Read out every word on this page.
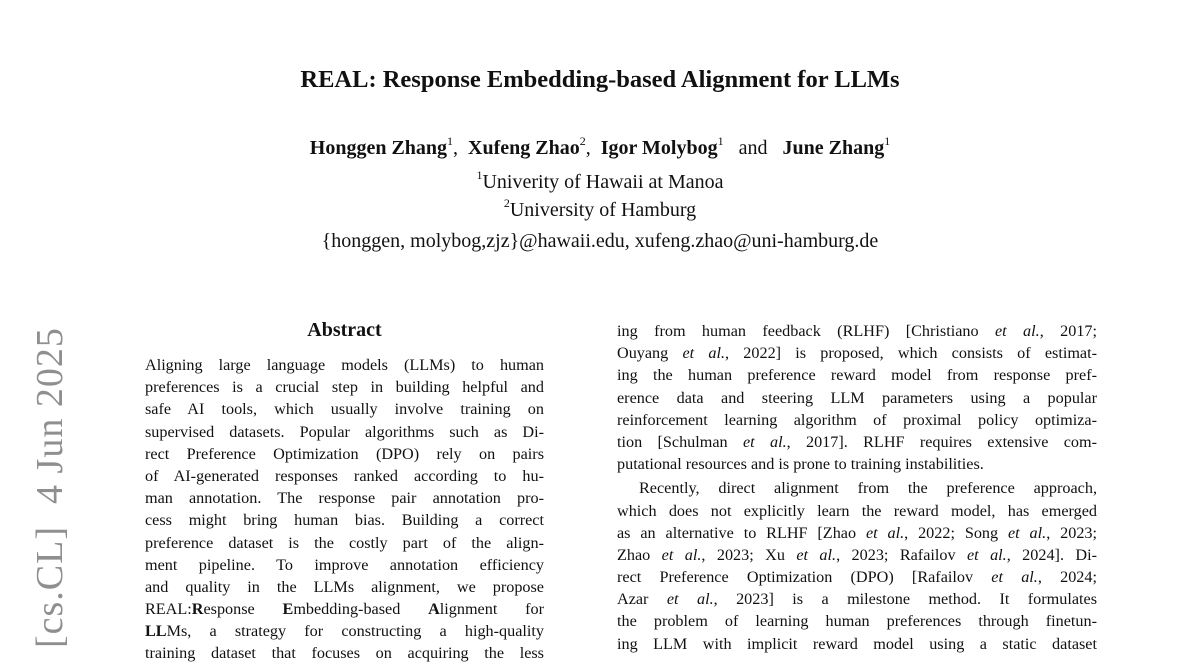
REAL: Response Embedding-based Alignment for LLMs
Honggen Zhang$^1$, Xufeng Zhao$^2$, Igor Molybog$^1$ and June Zhang$^1$
$^1$Univerity of Hawaii at Manoa
$^2$University of Hamburg
{honggen, molybog,zjz}@hawaii.edu, xufeng.zhao@uni-hamburg.de
[cs.CL]4 Jun 2025	Abstract
Aligning large language models (LLMs) to human
preferences is a crucial step in building helpful and
safe AI tools, which usually involve training on
supervised datasets. Popular algorithms such as Di-
rect Preference Optimization (DPO) rely on pairs
of AI-generated responses ranked according to hu-
man annotation. The response pair annotation pro-
cess might bring human bias. Building a correct
preference dataset is the costly part of the align-
ment pipeline. To improve annotation efficiency
and quality in the LLMs alignment, we propose
REAL:Response Embedding-based Alignment for
LLMs, a strategy for constructing a high-quality
training dataset that focuses on acquiring the less
ing from human feedback (RLHF) [Christiano et al., 2017;
Ouyang et al., 2022] is proposed, which consists of estimat-
ing the human preference reward model from response pref-
erence data and steering LLM parameters using a popular
reinforcement learning algorithm of proximal policy optimiza-
tion [Schulman et al., 2017]. RLHF requires extensive com-
putational resources and is prone to training instabilities.
Recently, direct alignment from the preference approach,
which does not explicitly learn the reward model, has emerged
as an alternative to RLHF [Zhao et al., 2022; Song et al., 2023;
Zhao et al., 2023; Xu et al., 2023; Rafailov et al., 2024]. Di-
rect Preference Optimization (DPO) [Rafailov et al., 2024;
Azar et al., 2023] is a milestone method. It formulates
the problem of learning human preferences through finetun-
ing LLM with implicit reward model using a static dataset
